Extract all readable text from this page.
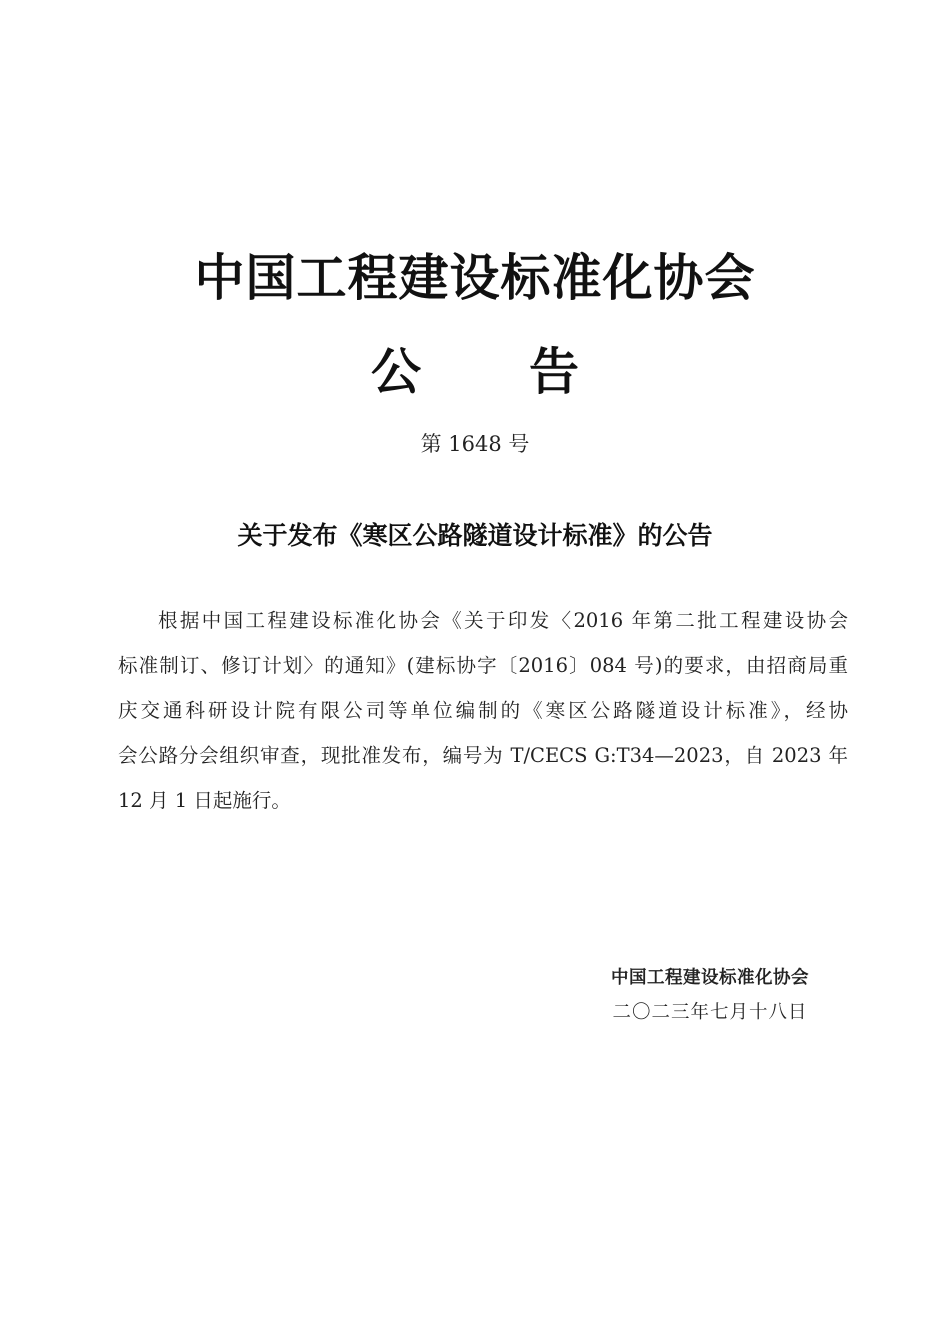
中国工程建设标准化协会
公 告
第 1648 号
关于发布《寒区公路隧道设计标准》的公告
根据中国工程建设标准化协会《关于印发〈2016 年第二批工程建设协会
标准制订、修订计划〉的通知》(建标协字〔2016〕084 号)的要求，由招商局重
庆交通科研设计院有限公司等单位编制的《寒区公路隧道设计标准》，经协
会公路分会组织审查，现批准发布，编号为 T/CECS G:T34—2023，自 2023 年
12 月 1 日起施行。
中国工程建设标准化协会
二〇二三年七月十八日
